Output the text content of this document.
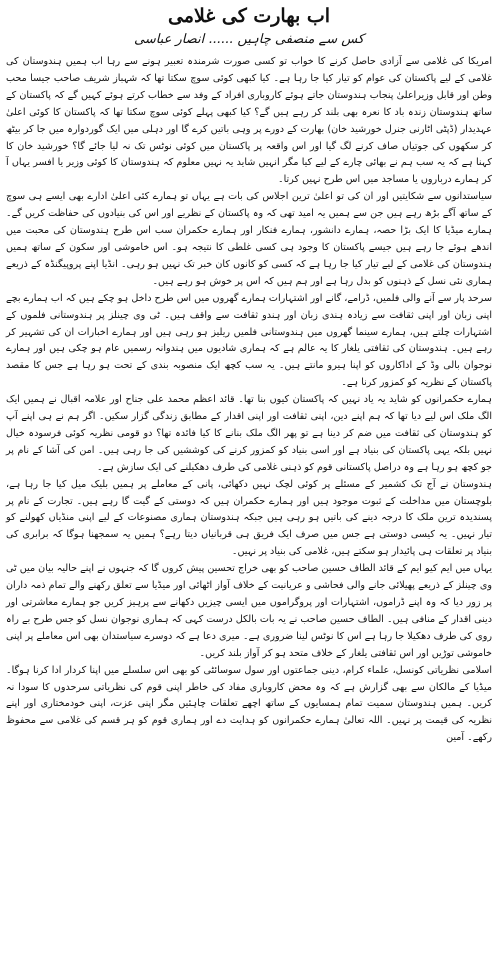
اب بھارت کی غلامی
کس سے منصفی چاہیں ...... انصار عباسی

امریکا کی غلامی سے آزادی حاصل کرنے کا خواب تو کسی صورت شرمندہ تعبیر ہونے سے رہا اب ہمیں ہندوستان کی غلامی کے لیے پاکستان کی عوام کو تیار کیا جا رہا ہے۔ کیا کبھی کوئی سوچ سکتا تھا کہ شہباز شریف صاحب جیسا محب وطن اور قابل وزیراعلیٰ پنجاب ہندوستان جاتے ہوئے کاروباری افراد کے وفد سے خطاب کرتے ہوئے کہیں گے کہ پاکستان کے ساتھ ہندوستان زندہ باد کا نعرہ بھی بلند کر رہے ہیں گے؟ کیا کبھی پہلے کوئی سوچ سکتا تھا کہ پاکستان کا کوئی اعلیٰ عہدیدار (ڈپٹی اٹارنی جنرل خورشید خان) بھارت کے دورے پر وہی باتیں کرے گا اور دہلی میں ایک گوردوارہ میں جا کر بیٹھ کر سکھوں کی جوتیاں صاف کرنے لگ گیا اور اس واقعہ پر پاکستان میں کوئی نوٹس تک نہ لیا جائے گا؟ خورشید خان کا کہنا ہے کہ یہ سب ہم نے بھائی چارے کے لیے کیا مگر انہیں شاید یہ نہیں معلوم کہ ہندوستان کا کوئی وزیر یا افسر یہاں آ کر ہمارے درباروں یا مساجد میں اس طرح نہیں کرتا۔

سیاستدانوں سے شکایتیں اور ان کی تو اعلیٰ ترین اجلاس کی بات ہے یہاں تو ہمارے کئی اعلیٰ ادارے بھی ایسے ہی سوچ کے ساتھ آگے بڑھ رہے ہیں جن سے ہمیں یہ امید تھی کہ وہ پاکستان کے نظریے اور اس کی بنیادوں کی حفاظت کریں گے۔ ہمارے میڈیا کا ایک بڑا حصہ، ہمارے دانشور، ہمارے فنکار اور ہمارے حکمران سب اس طرح ہندوستان کی محبت میں اندھے ہوئے جا رہے ہیں جیسے پاکستان کا وجود ہی کسی غلطی کا نتیجہ ہو۔ اس خاموشی اور سکون کے ساتھ ہمیں ہندوستان کی غلامی کے لیے تیار کیا جا رہا ہے کہ کسی کو کانوں کان خبر تک نہیں ہو رہی۔ انڈیا اپنے پروپیگنڈہ کے ذریعے ہماری نئی نسل کے ذہنوں کو بدل رہا ہے اور ہم ہیں کہ اس پر خوش ہو رہے ہیں۔

سرحد پار سے آنے والی فلمیں، ڈرامے، گانے اور اشتہارات ہمارے گھروں میں اس طرح داخل ہو چکے ہیں کہ اب ہمارے بچے اپنی زبان اور اپنی ثقافت سے زیادہ ہندی زبان اور ہندو ثقافت سے واقف ہیں۔ ٹی وی چینلز پر ہندوستانی فلموں کے اشتہارات چلتے ہیں، ہمارے سینما گھروں میں ہندوستانی فلمیں ریلیز ہو رہی ہیں اور ہمارے اخبارات ان کی تشہیر کر رہے ہیں۔ ہندوستان کی ثقافتی یلغار کا یہ عالم ہے کہ ہماری شادیوں میں ہندوانہ رسمیں عام ہو چکی ہیں اور ہمارے نوجوان بالی وڈ کے اداکاروں کو اپنا ہیرو مانتے ہیں۔ یہ سب کچھ ایک منصوبہ بندی کے تحت ہو رہا ہے جس کا مقصد پاکستان کے نظریہ کو کمزور کرنا ہے۔

ہمارے حکمرانوں کو شاید یہ یاد نہیں کہ پاکستان کیوں بنا تھا۔ قائد اعظم محمد علی جناح اور علامہ اقبال نے ہمیں ایک الگ ملک اس لیے دیا تھا کہ ہم اپنے دین، اپنی ثقافت اور اپنی اقدار کے مطابق زندگی گزار سکیں۔ اگر ہم نے ہی اپنے آپ کو ہندوستان کی ثقافت میں ضم کر دینا ہے تو پھر الگ ملک بنانے کا کیا فائدہ تھا؟ دو قومی نظریہ کوئی فرسودہ خیال نہیں بلکہ یہی پاکستان کی بنیاد ہے اور اسی بنیاد کو کمزور کرنے کی کوششیں کی جا رہی ہیں۔ امن کی آشا کے نام پر جو کچھ ہو رہا ہے وہ دراصل پاکستانی قوم کو ذہنی غلامی کی طرف دھکیلنے کی ایک سازش ہے۔

ہندوستان نے آج تک کشمیر کے مسئلے پر کوئی لچک نہیں دکھائی، پانی کے معاملے پر ہمیں بلیک میل کیا جا رہا ہے، بلوچستان میں مداخلت کے ثبوت موجود ہیں اور ہمارے حکمران ہیں کہ دوستی کے گیت گا رہے ہیں۔ تجارت کے نام پر پسندیدہ ترین ملک کا درجہ دینے کی باتیں ہو رہی ہیں جبکہ ہندوستان ہماری مصنوعات کے لیے اپنی منڈیاں کھولنے کو تیار نہیں۔ یہ کیسی دوستی ہے جس میں صرف ایک فریق ہی قربانیاں دیتا رہے؟ ہمیں یہ سمجھنا ہوگا کہ برابری کی بنیاد پر تعلقات ہی پائیدار ہو سکتے ہیں، غلامی کی بنیاد پر نہیں۔

یہاں میں ایم کیو ایم کے قائد الطاف حسین صاحب کو بھی خراج تحسین پیش کروں گا کہ جنہوں نے اپنے حالیہ بیان میں ٹی وی چینلز کے ذریعے پھیلائی جانے والی فحاشی و عریانیت کے خلاف آواز اٹھائی اور میڈیا سے تعلق رکھنے والے تمام ذمہ داران پر زور دیا کہ وہ اپنے ڈراموں، اشتہارات اور پروگراموں میں ایسی چیزیں دکھانے سے پرہیز کریں جو ہمارے معاشرتی اور دینی اقدار کے منافی ہیں۔ الطاف حسین صاحب نے یہ بات بالکل درست کہی کہ ہماری نوجوان نسل کو جس طرح بے راہ روی کی طرف دھکیلا جا رہا ہے اس کا نوٹس لینا ضروری ہے۔ میری دعا ہے کہ دوسرے سیاستدان بھی اس معاملے پر اپنی خاموشی توڑیں اور اس ثقافتی یلغار کے خلاف متحد ہو کر آواز بلند کریں۔

اسلامی نظریاتی کونسل، علماء کرام، دینی جماعتوں اور سول سوسائٹی کو بھی اس سلسلے میں اپنا کردار ادا کرنا ہوگا۔ میڈیا کے مالکان سے بھی گزارش ہے کہ وہ محض کاروباری مفاد کی خاطر اپنی قوم کی نظریاتی سرحدوں کا سودا نہ کریں۔ ہمیں ہندوستان سمیت تمام ہمسایوں کے ساتھ اچھے تعلقات چاہئیں مگر اپنی عزت، اپنی خودمختاری اور اپنے نظریہ کی قیمت پر نہیں۔ اللہ تعالیٰ ہمارے حکمرانوں کو ہدایت دے اور ہماری قوم کو ہر قسم کی غلامی سے محفوظ رکھے۔ آمین
